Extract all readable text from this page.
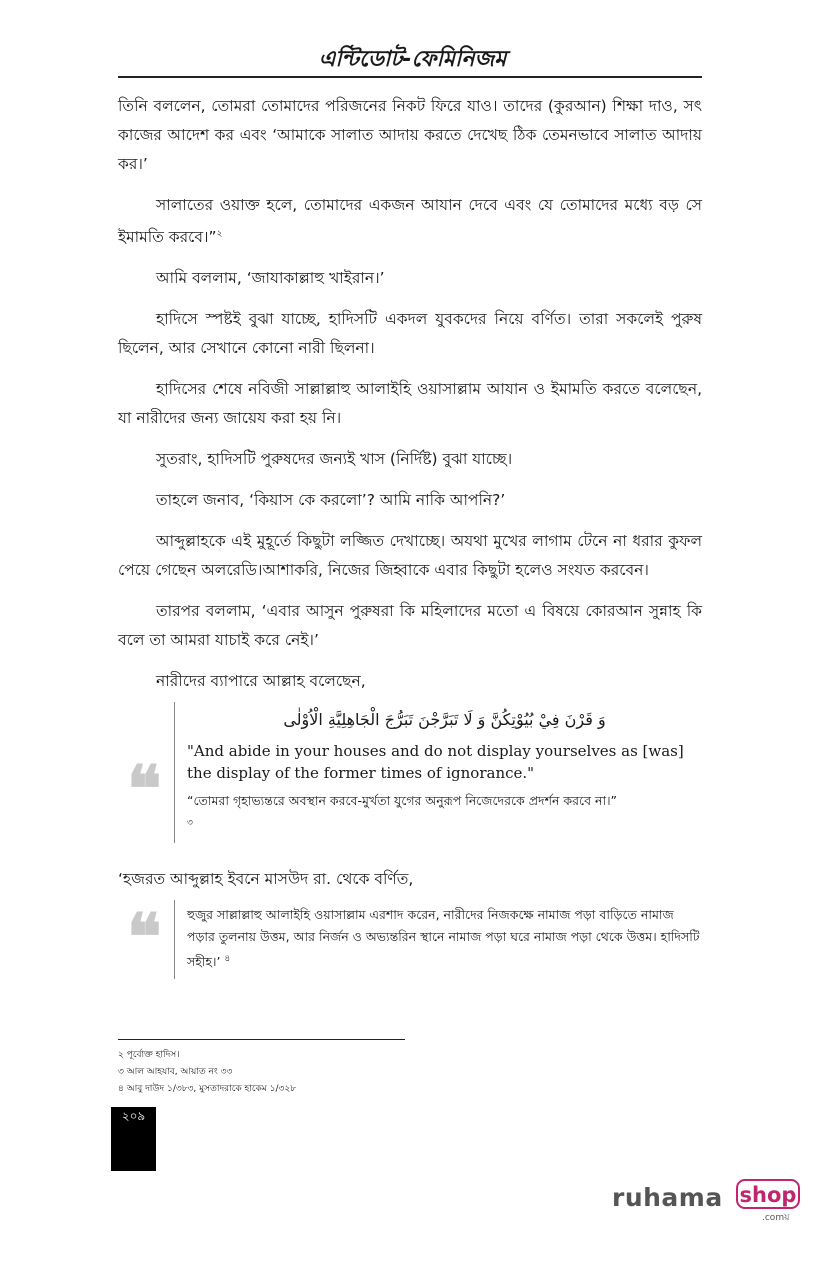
এন্টিডোট-ফেমিনিজম

তিনি বললেন, তোমরা তোমাদের পরিজনের নিকট ফিরে যাও। তাদের (কুরআন) শিক্ষা দাও, সৎ কাজের আদেশ কর এবং ‘আমাকে সালাত আদায় করতে দেখেছ ঠিক তেমনভাবে সালাত আদায় কর।’

সালাতের ওয়াক্ত হলে, তোমাদের একজন আযান দেবে এবং যে তোমাদের মধ্যে বড় সে ইমামতি করবে।”$^২$

আমি বললাম, ‘জাযাকাল্লাহু খাইরান।’

হাদিসে স্পষ্টই বুঝা যাচ্ছে, হাদিসটি একদল যুবকদের নিয়ে বর্ণিত। তারা সকলেই পুরুষ ছিলেন, আর সেখানে কোনো নারী ছিলনা।

হাদিসের শেষে নবিজী সাল্লাল্লাহু আলাইহি ওয়াসাল্লাম আযান ও ইমামতি করতে বলেছেন, যা নারীদের জন্য জায়েয করা হয় নি।

সুতরাং, হাদিসটি পুরুষদের জন্যই খাস (নির্দিষ্ট) বুঝা যাচ্ছে।

তাহলে জনাব, ‘কিয়াস কে করলো’? আমি নাকি আপনি?’

আব্দুল্লাহকে এই মুহূর্তে কিছুটা লজ্জিত দেখাচ্ছে। অযথা মুখের লাগাম টেনে না ধরার কুফল পেয়ে গেছেন অলরেডি।আশাকরি, নিজের জিহ্বাকে এবার কিছুটা হলেও সংযত করবেন।

তারপর বললাম, ‘এবার আসুন পুরুষরা কি মহিলাদের মতো এ বিষয়ে কোরআন সুন্নাহ কি বলে তা আমরা যাচাই করে নেই।’

নারীদের ব্যাপারে আল্লাহ বলেছেন,

❝
وَ قَرْنَ فِيْ بُيُوْتِكُنَّ وَ لَا تَبَرَّجْنَ تَبَرُّجَ الْجَاهِلِيَّةِ الْاُوْلٰى
"And abide in your houses and do not display yourselves as [was] the display of the former times of ignorance."
“তোমরা গৃহাভ্যন্তরে অবস্থান করবে-মুর্খতা যুগের অনুরূপ নিজেদেরকে প্রদর্শন করবে না।”
$^৩$

‘হজরত আব্দুল্লাহ ইবনে মাসউদ রা. থেকে বর্ণিত,

❝ হুজুর সাল্লাল্লাহু আলাইহি ওয়াসাল্লাম এরশাদ করেন, নারীদের নিজকক্ষে নামাজ পড়া বাড়িতে নামাজ পড়ার তুলনায় উত্তম, আর নির্জন ও অভ্যন্তরিন স্থানে নামাজ পড়া ঘরে নামাজ পড়া থেকে উত্তম। হাদিসটি সহীহ।’ $^৪$
২ পূর্বোক্ত হাদিস।
৩ আল আহযাব, আয়াত নং ৩৩
৪ আবু দাউদ ১/৩৮৩, মুসতাদরাকে হাকেম ১/৩২৮
২০৯
ruhama shop
.comয়
